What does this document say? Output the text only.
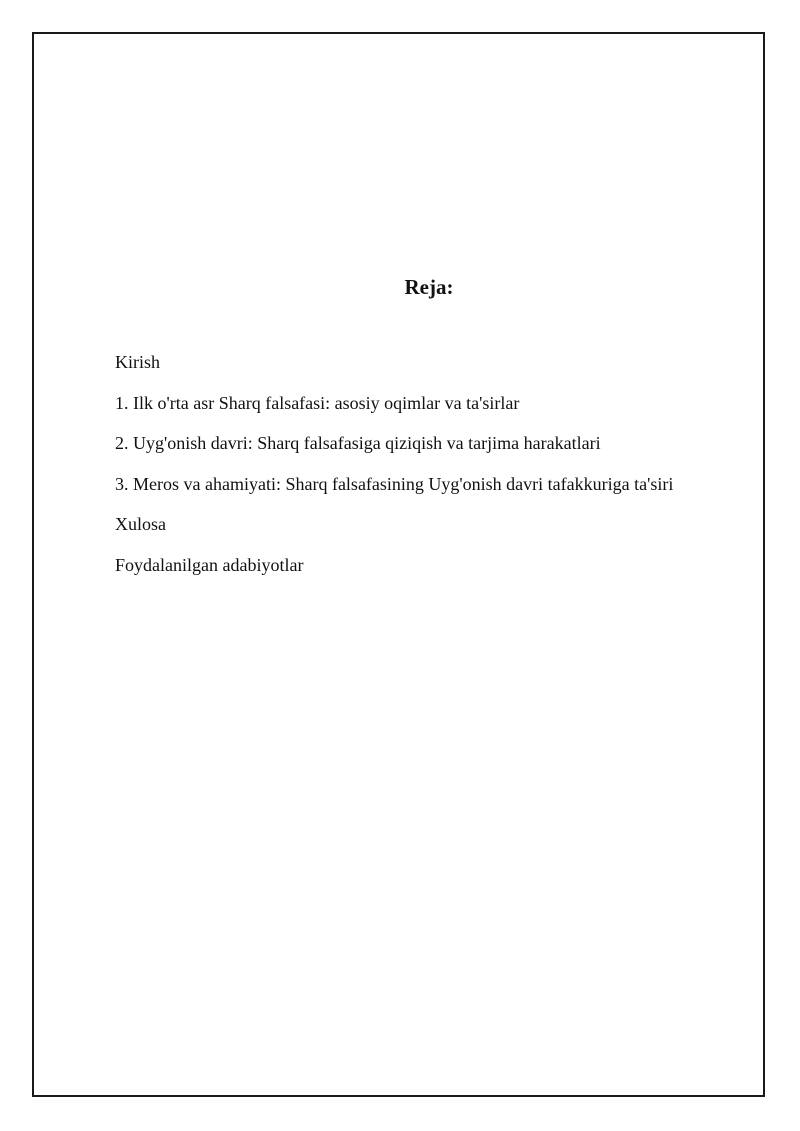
Reja:
Kirish
1. Ilk o'rta asr Sharq falsafasi: asosiy oqimlar va ta'sirlar
2. Uyg'onish davri: Sharq falsafasiga qiziqish va tarjima harakatlari
3. Meros va ahamiyati: Sharq falsafasining Uyg'onish davri tafakkuriga ta'siri
Xulosa
Foydalanilgan adabiyotlar
